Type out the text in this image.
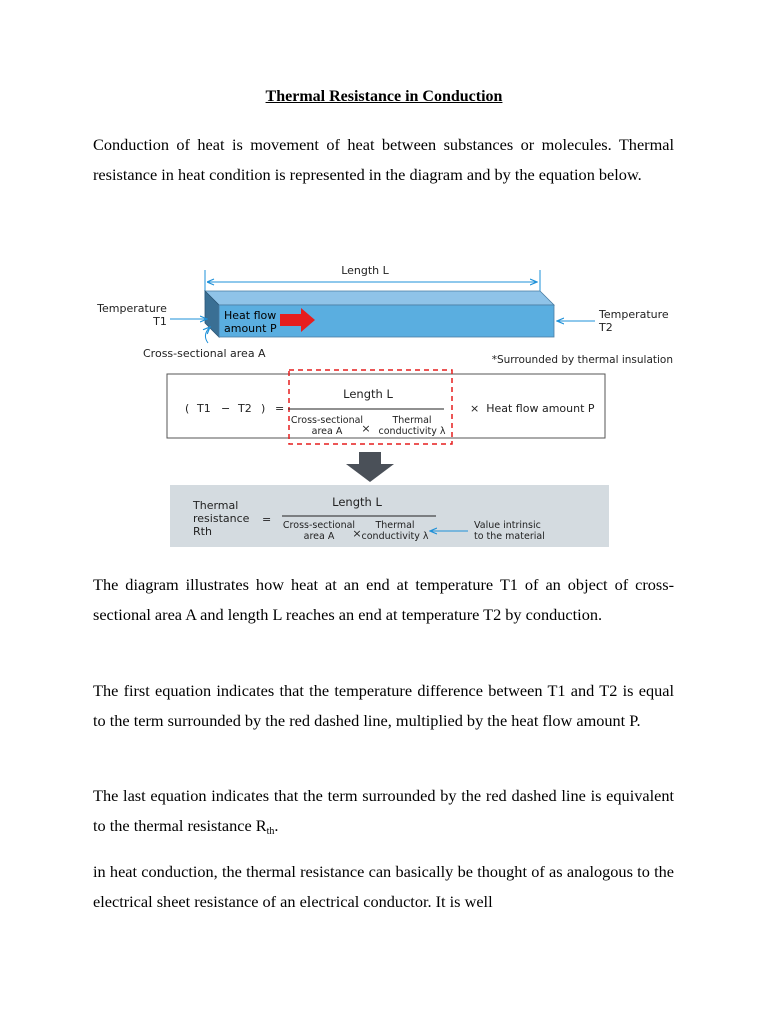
Thermal Resistance in Conduction
Conduction of heat is movement of heat between substances or molecules. Thermal resistance in heat condition is represented in the diagram and by the equation below.
Length L
Heat flow
amount P
Temperature
T1
Temperature
T2
Cross-sectional area A	*Surrounded by thermal insulation
( T1 − T2 ) =
Length L
Cross-sectional
area A ×
Thermal
conductivity λ
×  Heat flow amount P
Thermal
resistance
Rth
=
Length L
Cross-sectional
area A ×
Thermal
conductivity λ
Value intrinsic
to the material
The diagram illustrates how heat at an end at temperature T1 of an object of cross-sectional area A and length L reaches an end at temperature T2 by conduction.
The first equation indicates that the temperature difference between T1 and T2 is equal to the term surrounded by the red dashed line, multiplied by the heat flow amount P.
The last equation indicates that the term surrounded by the red dashed line is equivalent to the thermal resistance $R_{th}$.
in heat conduction, the thermal resistance can basically be thought of as analogous to the electrical sheet resistance of an electrical conductor. It is well
